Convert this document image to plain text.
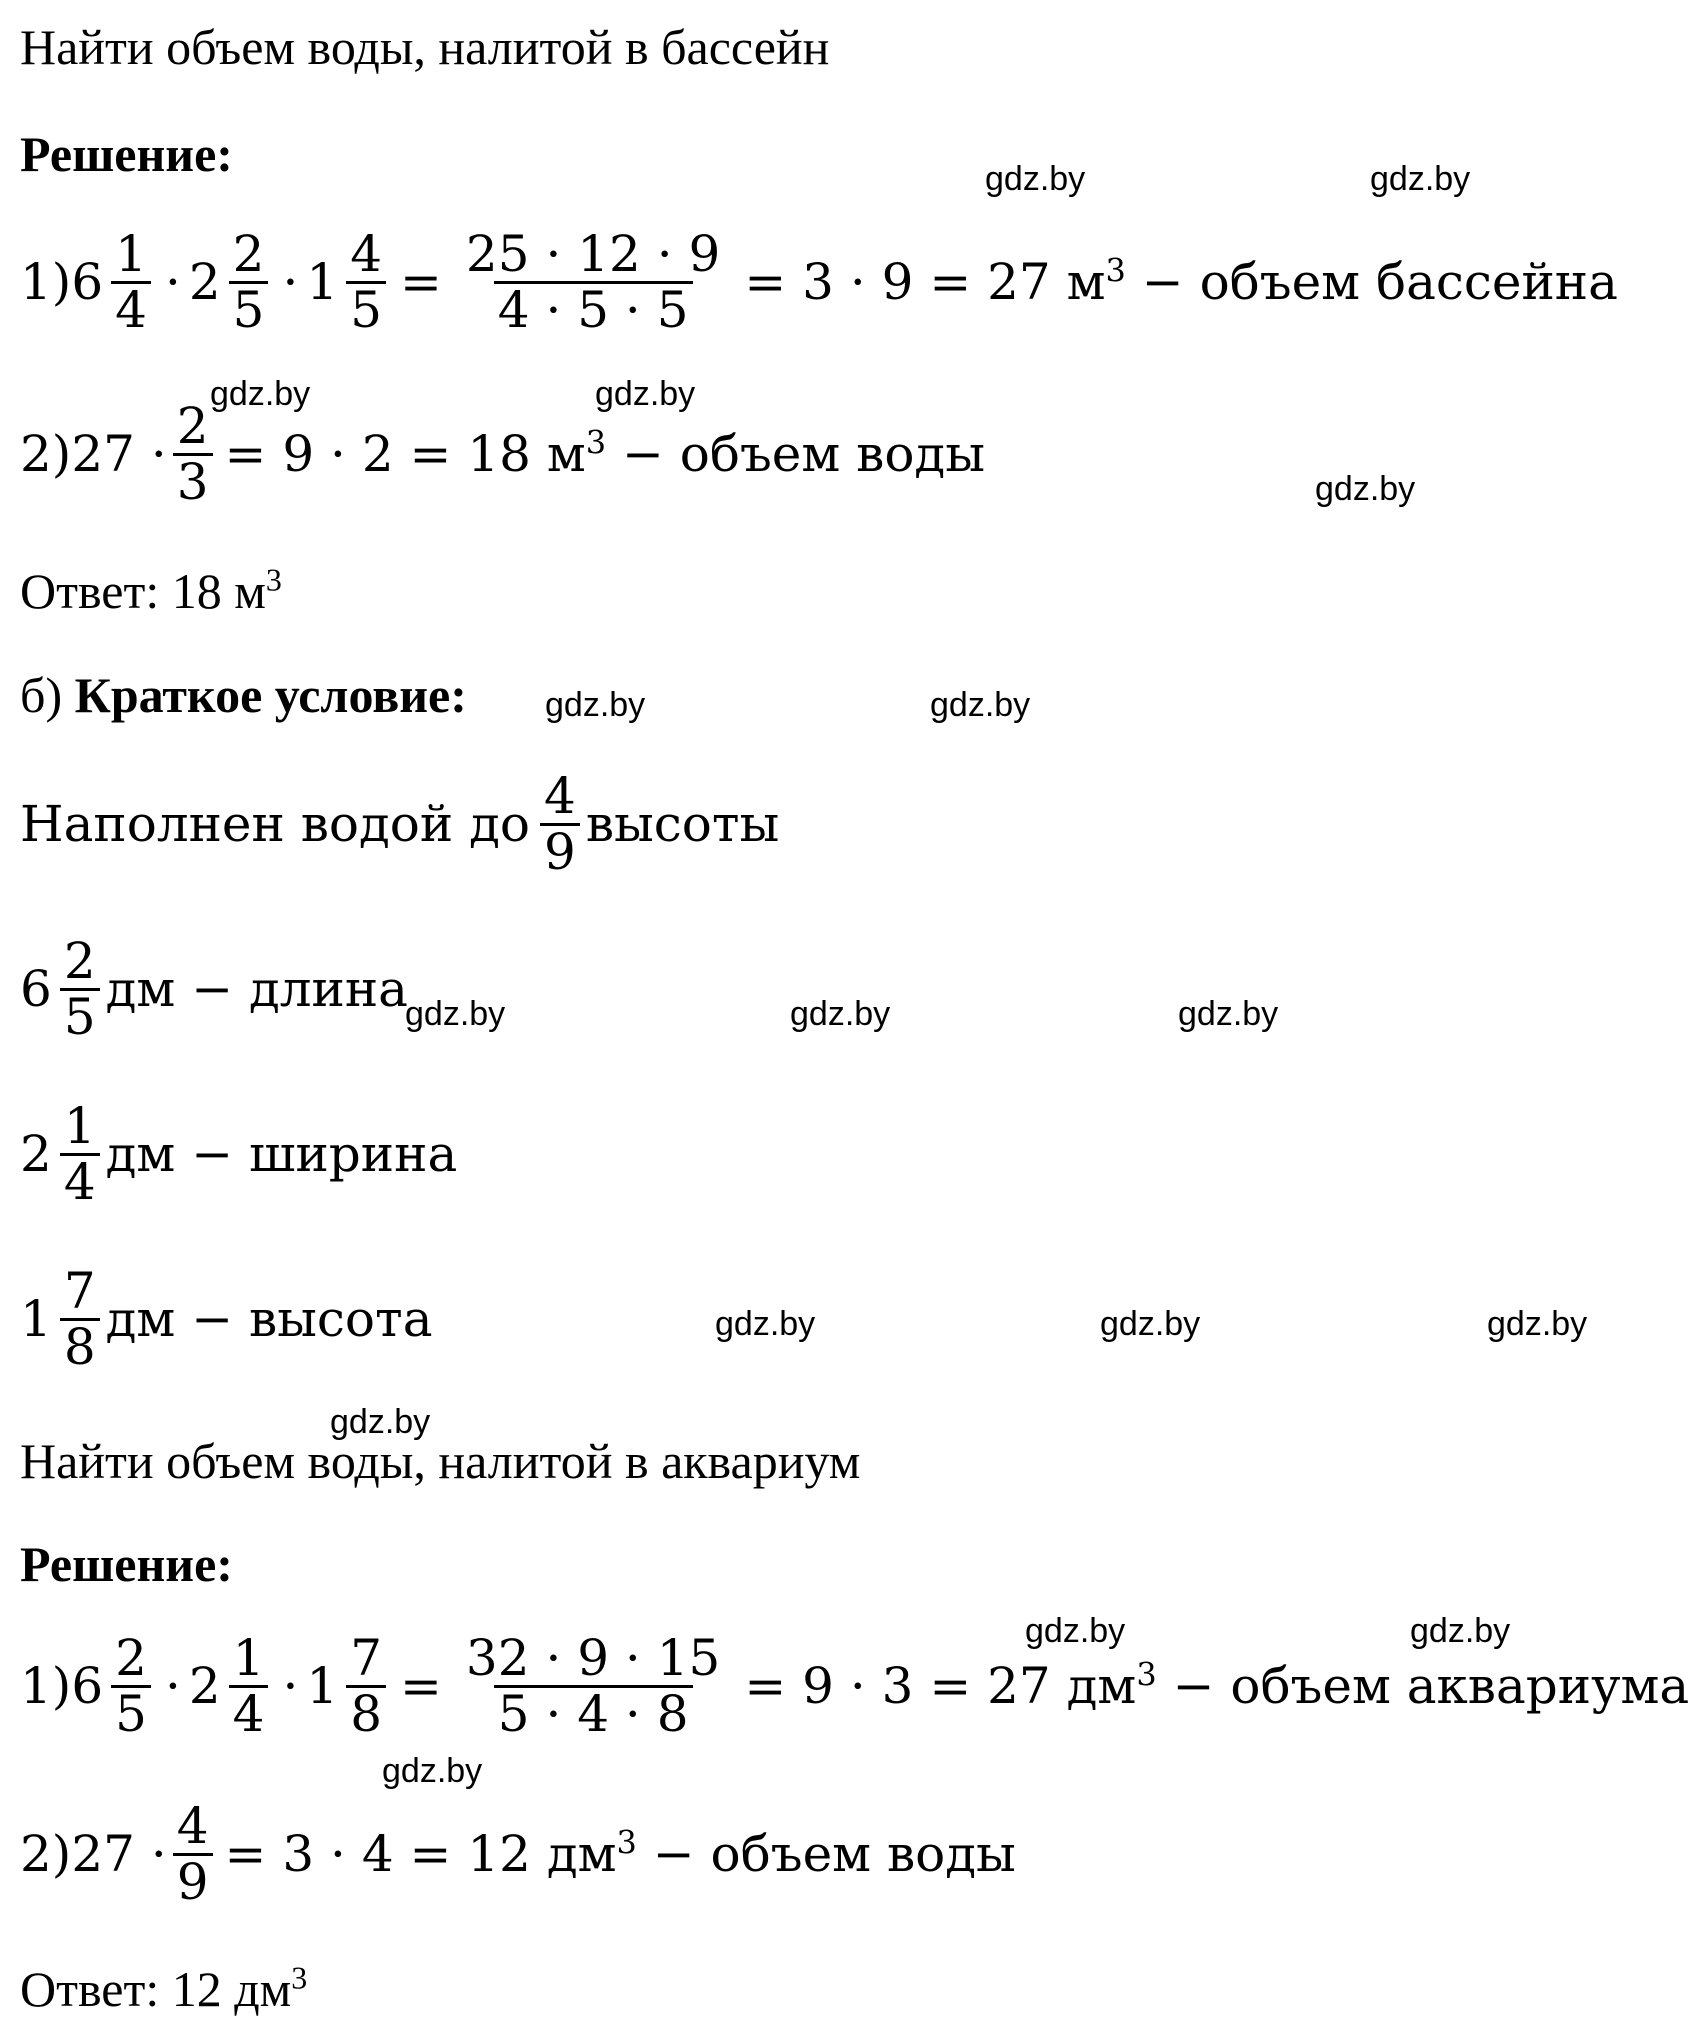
Найти объем воды, налитой в бассейн
Решение:
1) $6 \frac{1}{4} \cdot 2 \frac{2}{5} \cdot 1 \frac{4}{5} = \frac{25 \cdot 12 \cdot 9}{4 \cdot 5 \cdot 5} = 3 \cdot 9 = 27$ $м^3$ − объем бассейна
$2)27 \cdot \frac{2}{3} = 9 \cdot 2 = 18$ $м^3$ − объем воды
Ответ: 18 $м^3$
б) Краткое условие:
Наполнен водой до $\frac{4}{9}$ высоты
$6 \frac{2}{5}$ дм − длина
$2 \frac{1}{4}$ дм − ширина
$1 \frac{7}{8}$ дм − высота
Найти объем воды, налитой в аквариум
Решение:
1) $6 \frac{2}{5} \cdot 2 \frac{1}{4} \cdot 1 \frac{7}{8} = \frac{32 \cdot 9 \cdot 15}{5 \cdot 4 \cdot 8} = 9 \cdot 3 = 27$ $дм^3$ − объем аквариума
$2)27 \cdot \frac{4}{9} = 3 \cdot 4 = 12$ $дм^3$ − объем воды
Ответ: 12 $дм^3$
gdz.by	gdz.by
gdz.by	gdz.by
gdz.by
gdz.by	gdz.by
gdz.by	gdz.by	gdz.by
gdz.by	gdz.by	gdz.by
gdz.by
gdz.by	gdz.by
gdz.by
